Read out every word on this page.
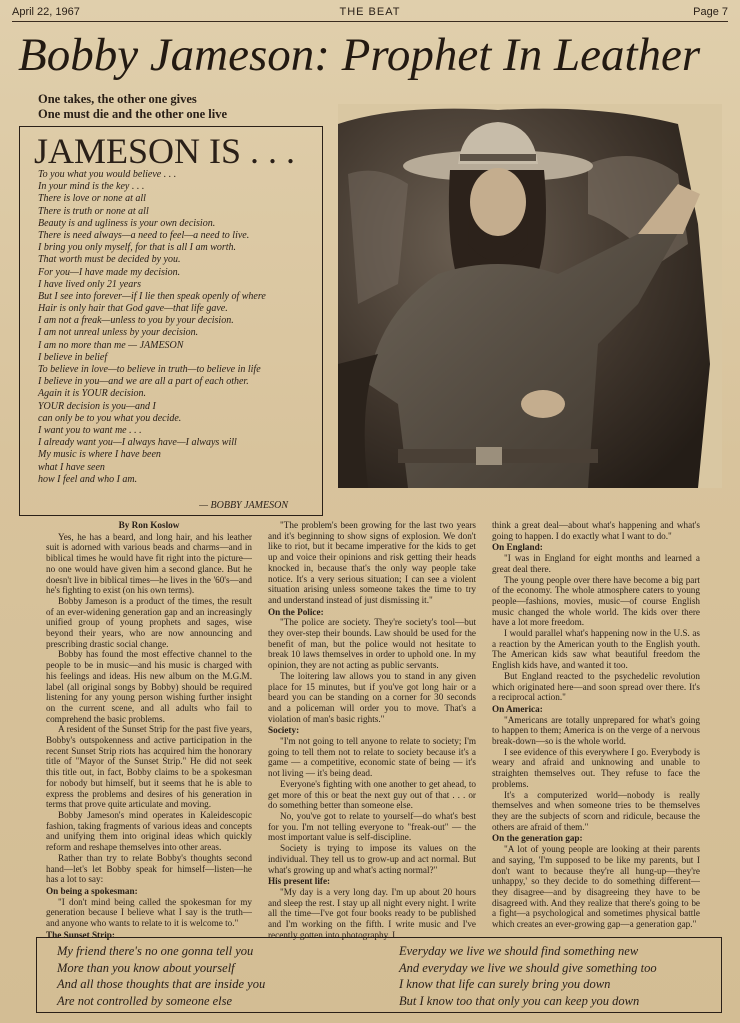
April 22, 1967	THE BEAT	Page 7
Bobby Jameson: Prophet In Leather
One takes, the other one gives
One must die and the other one live
JAMESON IS . . .
To you what you would believe . . .
In your mind is the key . . .
There is love or none at all
There is truth or none at all
Beauty is and ugliness is your own decision.
There is need always—a need to feel—a need to live.
I bring you only myself, for that is all I am worth.
That worth must be decided by you.
For you—I have made my decision.
I have lived only 21 years
But I see into forever—if I lie then speak openly of where
Hair is only hair that God gave—that life gave.
I am not a freak—unless to you by your decision.
I am not unreal unless by your decision.
I am no more than me — JAMESON
I believe in belief
To believe in love—to believe in truth—to believe in life
I believe in you—and we are all a part of each other.
Again it is YOUR decision.
YOUR decision is you—and I
can only be to you what you decide.
I want you to want me . . .
I already want you—I always have—I always will
My music is where I have been
what I have seen
how I feel and who I am.
— BOBBY JAMESON

By Ron Koslow

Yes, he has a beard, and long hair, and his leather suit is adorned with various beads and charms—and in biblical times he would have fit right into the picture—no one would have given him a second glance. But he doesn't live in biblical times—he lives in the '60's—and he's fighting to exist (on his own terms).

Bobby Jameson is a product of the times, the result of an ever-widening generation gap and an increasingly unified group of young prophets and sages, wise beyond their years, who are now announcing and prescribing drastic social change.

Bobby has found the most effective channel to the people to be in music—and his music is charged with his feelings and ideas. His new album on the M.G.M. label (all original songs by Bobby) should be required listening for any young person wishing further insight on the current scene, and all adults who fail to comprehend the basic problems.

A resident of the Sunset Strip for the past five years, Bobby's outspokenness and active participation in the recent Sunset Strip riots has acquired him the honorary title of "Mayor of the Sunset Strip." He did not seek this title out, in fact, Bobby claims to be a spokesman for nobody but himself, but it seems that he is able to express the problems and desires of his generation in terms that prove quite articulate and moving.

Bobby Jameson's mind operates in Kaleidescopic fashion, taking fragments of various ideas and concepts and unifying them into original ideas which quickly reform and reshape themselves into other areas.

Rather than try to relate Bobby's thoughts second hand—let's let Bobby speak for himself—listen—he has a lot to say:

On being a spokesman:

"I don't mind being called the spokesman for my generation because I believe what I say is the truth—and anyone who wants to relate to it is welcome to."

The Sunset Strip:

"The problem's been growing for the last two years and it's beginning to show signs of explosion. We don't like to riot, but it became imperative for the kids to get up and voice their opinions and risk getting their heads knocked in, because that's the only way people take notice. It's a very serious situation; I can see a violent situation arising unless someone takes the time to try and understand instead of just dismissing it."

On the Police:

"The police are society. They're society's tool—but they over-step their bounds. Law should be used for the benefit of man, but the police would not hesitate to break 10 laws themselves in order to uphold one. In my opinion, they are not acting as public servants.

The loitering law allows you to stand in any given place for 15 minutes, but if you've got long hair or a beard you can be standing on a corner for 30 seconds and a policeman will order you to move. That's a violation of man's basic rights."

Society:

"I'm not going to tell anyone to relate to society; I'm going to tell them not to relate to society because it's a game — a competitive, economic state of being — it's not living — it's being dead.

Everyone's fighting with one another to get ahead, to get more of this or beat the next guy out of that . . . or do something better than someone else.

No, you've got to relate to yourself—do what's best for you. I'm not telling everyone to "freak-out" — the most important value is self-discipline.

Society is trying to impose its values on the individual. They tell us to grow-up and act normal. But what's growing up and what's acting normal?"

His present life:

"My day is a very long day. I'm up about 20 hours and sleep the rest. I stay up all night every night. I write all the time—I've got four books ready to be published and I'm working on the fifth. I write music and I've recently gotten into photography. I

think a great deal—about what's happening and what's going to happen. I do exactly what I want to do."

On England:

"I was in England for eight months and learned a great deal there.

The young people over there have become a big part of the economy. The whole atmosphere caters to young people—fashions, movies, music—of course English music changed the whole world. The kids over there have a lot more freedom.

I would parallel what's happening now in the U.S. as a reaction by the American youth to the English youth. The American kids saw what beautiful freedom the English kids have, and wanted it too.

But England reacted to the psychedelic revolution which originated here—and soon spread over there. It's a reciprocal action."

On America:

"Americans are totally unprepared for what's going to happen to them; America is on the verge of a nervous break-down—so is the whole world.

I see evidence of this everywhere I go. Everybody is weary and afraid and unknowing and unable to straighten themselves out. They refuse to face the problems.

It's a computerized world—nobody is really themselves and when someone tries to be themselves they are the subjects of scorn and ridicule, because the others are afraid of them."

On the generation gap:

"A lot of young people are looking at their parents and saying, 'I'm supposed to be like my parents, but I don't want to because they're all hung-up—they're unhappy,' so they decide to do something different—they disagree—and by disagreeing they have to be disagreed with. And they realize that there's going to be a fight—a psychological and sometimes physical battle which creates an ever-growing gap—a generation gap."

My friend there's no one gonna tell you
More than you know about yourself
And all those thoughts that are inside you
Are not controlled by someone else
Everyday we live we should find something new
And everyday we live we should give something too
I know that life can surely bring you down
But I know too that only you can keep you down
